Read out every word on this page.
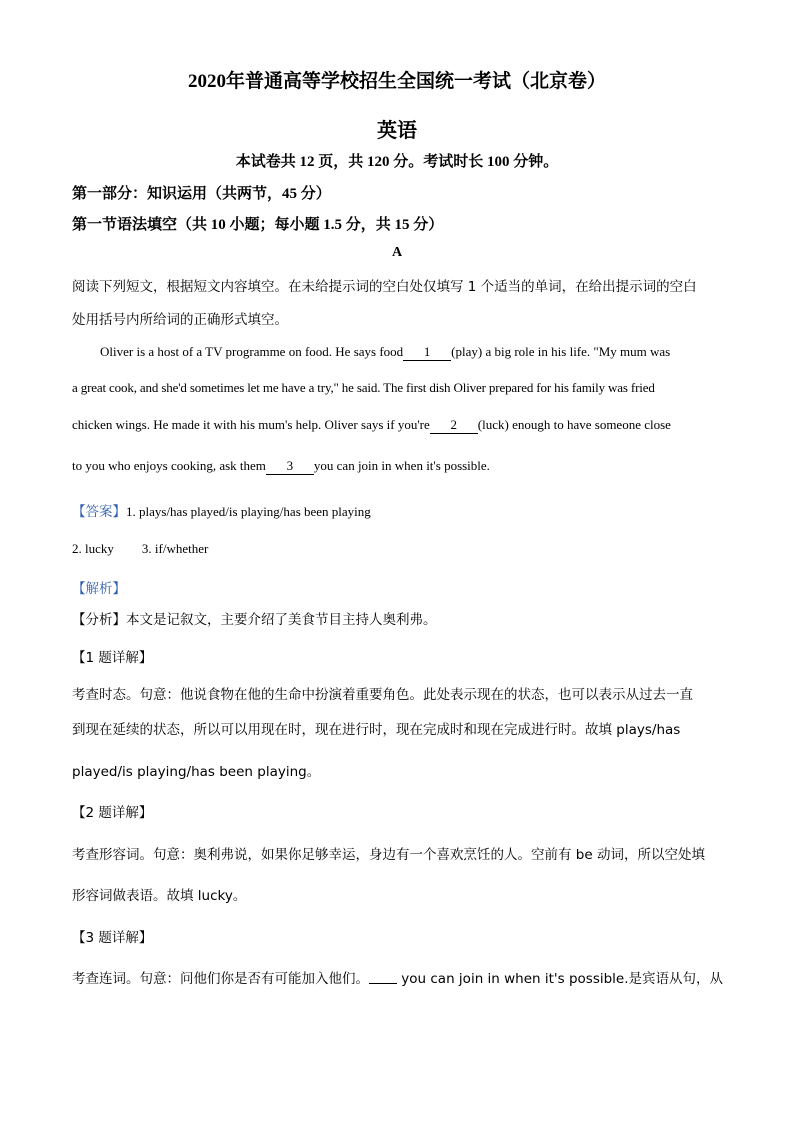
2020年普通高等学校招生全国统一考试（北京卷）
英语
本试卷共 12 页，共 120 分。考试时长 100 分钟。
第一部分：知识运用（共两节，45 分）
第一节语法填空（共 10 小题；每小题 1.5 分，共 15 分）
A
阅读下列短文，根据短文内容填空。在未给提示词的空白处仅填写 1 个适当的单词，在给出提示词的空白
处用括号内所给词的正确形式填空。
Oliver is a host of a TV programme on food. He says food 1 (play) a big role in his life. "My mum was
a great cook, and she'd sometimes let me have a try," he said. The first dish Oliver prepared for his family was fried
chicken wings. He made it with his mum's help. Oliver says if you're 2 (luck) enough to have someone close
to you who enjoys cooking, ask them 3 you can join in when it's possible.
【答案】1. plays/has played/is playing/has been playing
2. lucky 3. if/whether
【解析】
【分析】本文是记叙文，主要介绍了美食节目主持人奥利弗。
【1 题详解】
考查时态。句意：他说食物在他的生命中扮演着重要角色。此处表示现在的状态，也可以表示从过去一直
到现在延续的状态，所以可以用现在时，现在进行时，现在完成时和现在完成进行时。故填 plays/has
played/is playing/has been playing。
【2 题详解】
考查形容词。句意：奥利弗说，如果你足够幸运，身边有一个喜欢烹饪的人。空前有 be 动词，所以空处填
形容词做表语。故填 lucky。
【3 题详解】
考查连词。句意：问他们你是否有可能加入他们。 you can join in when it's possible.是宾语从句，从
